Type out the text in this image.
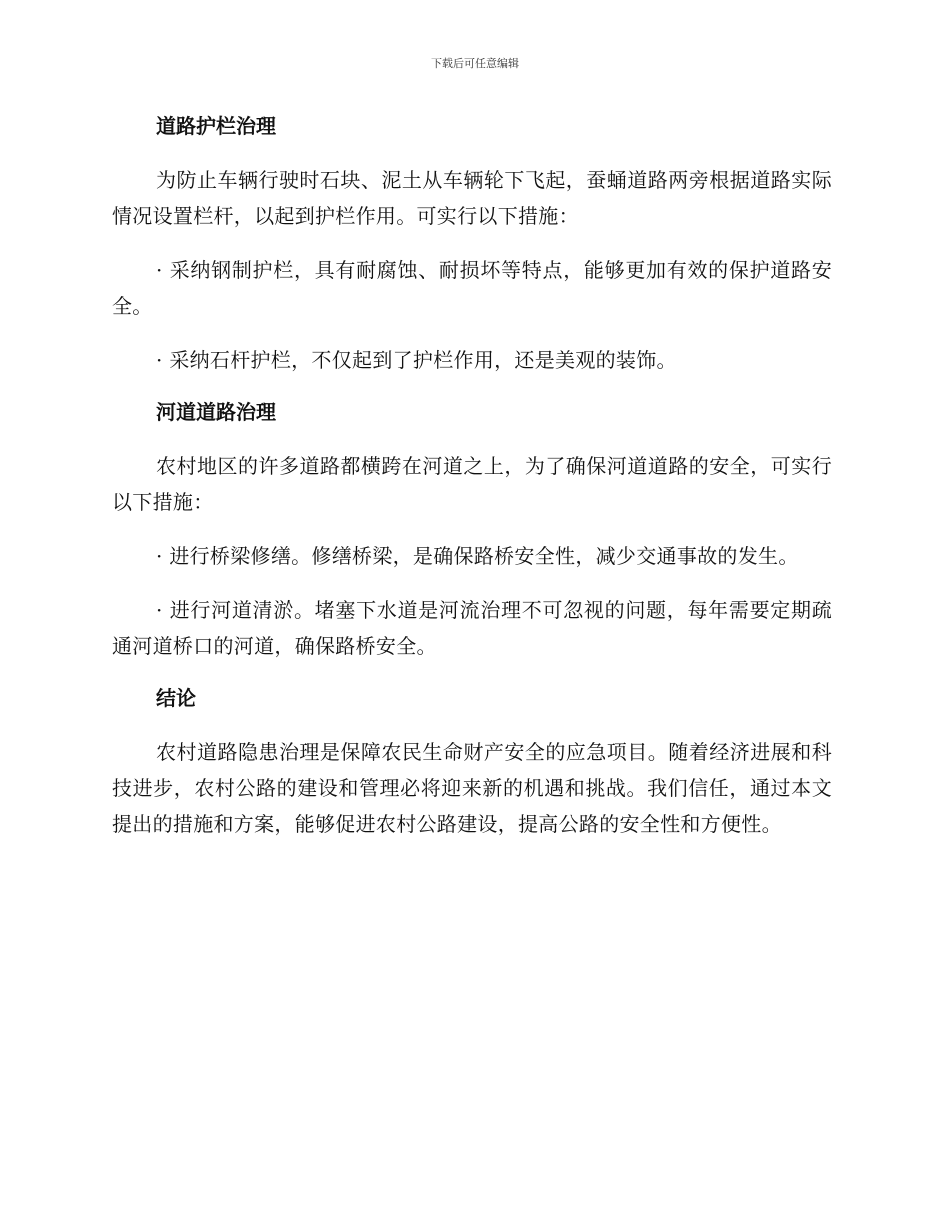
下载后可任意编辑
道路护栏治理

为防止车辆行驶时石块、泥土从车辆轮下飞起，蚕蛹道路两旁根据道路实际情况设置栏杆，以起到护栏作用。可实行以下措施：

· 采纳钢制护栏，具有耐腐蚀、耐损坏等特点，能够更加有效的保护道路安全。

· 采纳石杆护栏，不仅起到了护栏作用，还是美观的装饰。

河道道路治理

农村地区的许多道路都横跨在河道之上，为了确保河道道路的安全，可实行以下措施：

· 进行桥梁修缮。修缮桥梁，是确保路桥安全性，减少交通事故的发生。

· 进行河道清淤。堵塞下水道是河流治理不可忽视的问题，每年需要定期疏通河道桥口的河道，确保路桥安全。

结论

农村道路隐患治理是保障农民生命财产安全的应急项目。随着经济进展和科技进步，农村公路的建设和管理必将迎来新的机遇和挑战。我们信任，通过本文提出的措施和方案，能够促进农村公路建设，提高公路的安全性和方便性。
